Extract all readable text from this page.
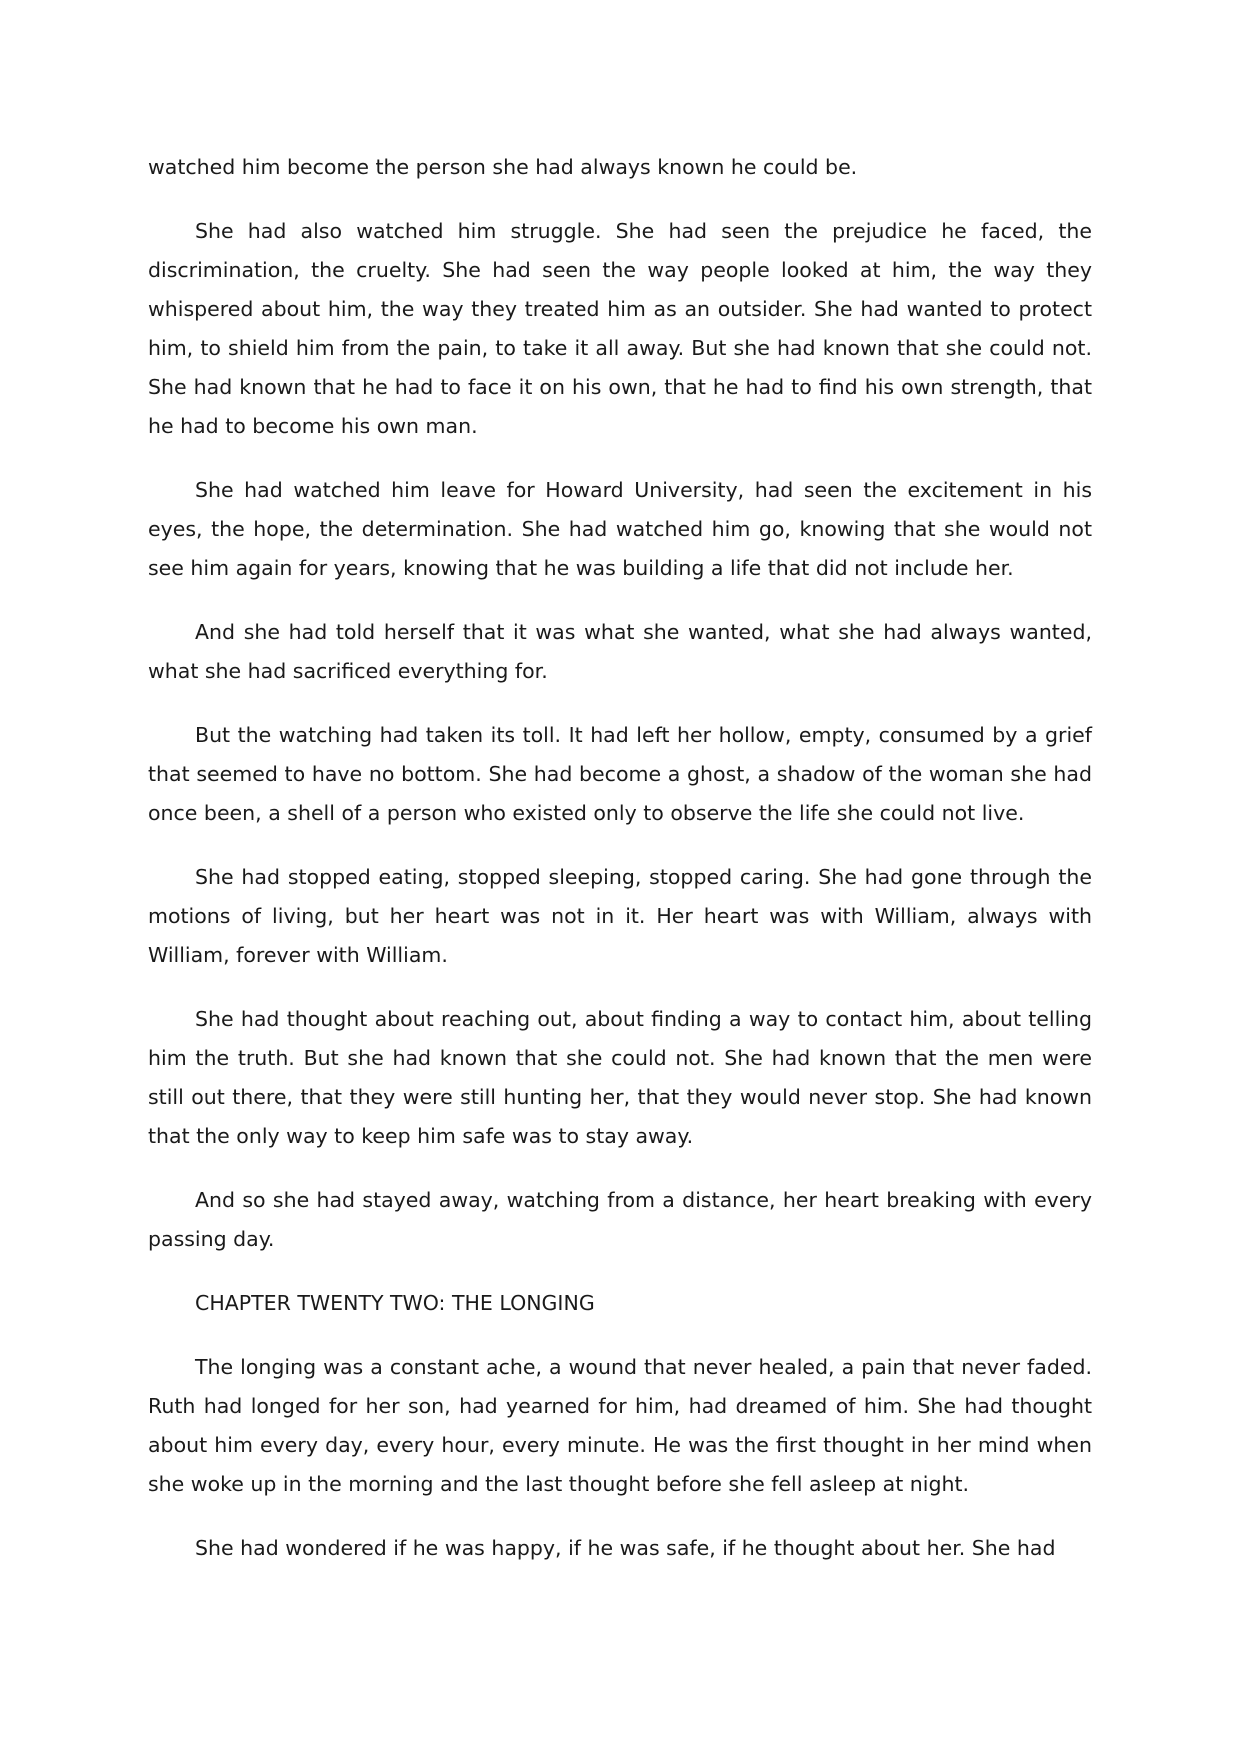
watched him become the person she had always known he could be.

She had also watched him struggle. She had seen the prejudice he faced, the discrimination, the cruelty. She had seen the way people looked at him, the way they whispered about him, the way they treated him as an outsider. She had wanted to protect him, to shield him from the pain, to take it all away. But she had known that she could not. She had known that he had to face it on his own, that he had to find his own strength, that he had to become his own man.

She had watched him leave for Howard University, had seen the excitement in his eyes, the hope, the determination. She had watched him go, knowing that she would not see him again for years, knowing that he was building a life that did not include her.

And she had told herself that it was what she wanted, what she had always wanted, what she had sacrificed everything for.

But the watching had taken its toll. It had left her hollow, empty, consumed by a grief that seemed to have no bottom. She had become a ghost, a shadow of the woman she had once been, a shell of a person who existed only to observe the life she could not live.

She had stopped eating, stopped sleeping, stopped caring. She had gone through the motions of living, but her heart was not in it. Her heart was with William, always with William, forever with William.

She had thought about reaching out, about finding a way to contact him, about telling him the truth. But she had known that she could not. She had known that the men were still out there, that they were still hunting her, that they would never stop. She had known that the only way to keep him safe was to stay away.

And so she had stayed away, watching from a distance, her heart breaking with every passing day.

CHAPTER TWENTY TWO: THE LONGING

The longing was a constant ache, a wound that never healed, a pain that never faded. Ruth had longed for her son, had yearned for him, had dreamed of him. She had thought about him every day, every hour, every minute. He was the first thought in her mind when she woke up in the morning and the last thought before she fell asleep at night.

She had wondered if he was happy, if he was safe, if he thought about her. She had
